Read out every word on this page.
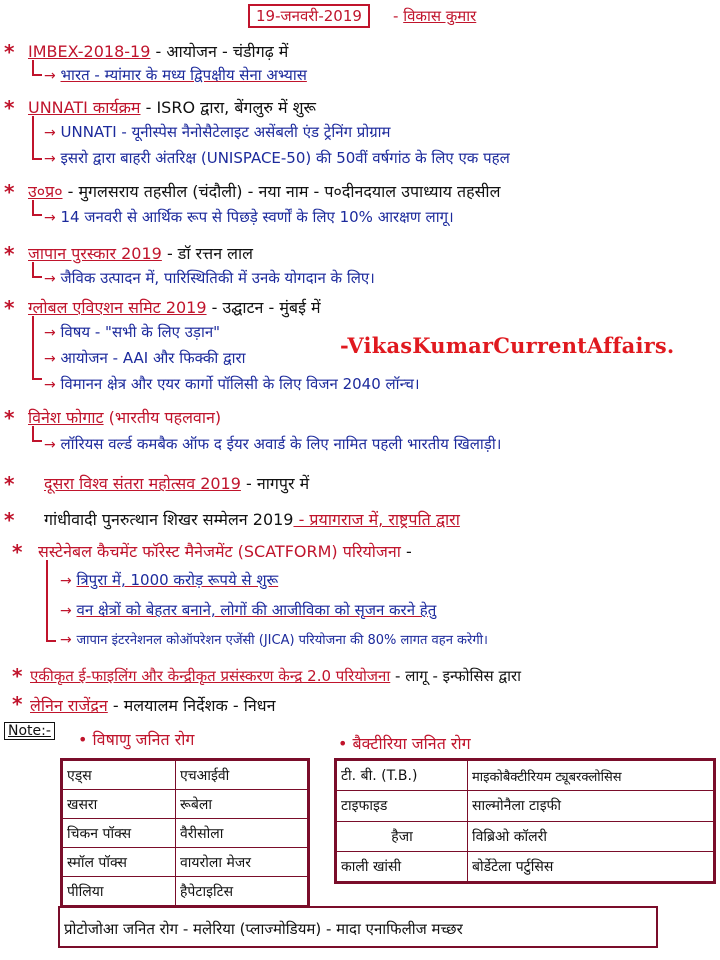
19-जनवरी-2019	- विकास कुमार
* IMBEX-2018-19 - आयोजन - चंडीगढ़ में
→ भारत - म्यांमार के मध्य द्विपक्षीय सेना अभ्यास
* UNNATI कार्यक्रम - ISRO द्वारा, बेंगलुरु में शुरू
→ UNNATI - यूनीस्पेस नैनोसैटेलाइट असेंबली एंड ट्रेनिंग प्रोग्राम
→ इसरो द्वारा बाहरी अंतरिक्ष (UNISPACE-50) की 50वीं वर्षगांठ के लिए एक पहल
* उ०प्र० - मुगलसराय तहसील (चंदौली) - नया नाम - प०दीनदयाल उपाध्याय तहसील
→ 14 जनवरी से आर्थिक रूप से पिछड़े स्वर्णों के लिए 10% आरक्षण लागू।
* जापान पुरस्कार 2019 - डॉ रत्तन लाल
→ जैविक उत्पादन में, पारिस्थितिकी में उनके योगदान के लिए।
* ग्लोबल एविएशन समिट 2019 - उद्घाटन - मुंबई में
→ विषय - "सभी के लिए उड़ान"
→ आयोजन - AAI और फिक्की द्वारा
→ विमानन क्षेत्र और एयर कार्गो पॉलिसी के लिए विजन 2040 लॉन्च।
-VikasKumarCurrentAffairs.
* विनेश फोगाट (भारतीय पहलवान)
→ लॉरियस वर्ल्ड कमबैक ऑफ द ईयर अवार्ड के लिए नामित पहली भारतीय खिलाड़ी।
* दूसरा विश्व संतरा महोत्सव 2019 - नागपुर में
* गांधीवादी पुनरुत्थान शिखर सम्मेलन 2019 - प्रयागराज में, राष्ट्रपति द्वारा
* सस्टेनेबल कैचमेंट फॉरेस्ट मैनेजमेंट (SCATFORM) परियोजना -
→ त्रिपुरा में, 1000 करोड़ रूपये से शुरू
→ वन क्षेत्रों को बेहतर बनाने, लोगों की आजीविका को सृजन करने हेतु
→ जापान इंटरनेशनल कोऑपरेशन एजेंसी (JICA) परियोजना की 80% लागत वहन करेगी।
* एकीकृत ई-फाइलिंग और केन्द्रीकृत प्रसंस्करण केन्द्र 2.0 परियोजना - लागू - इन्फोसिस द्वारा
* लेनिन राजेंद्रन - मलयालम निर्देशक - निधन
Note:- • विषाणु जनित रोग	• बैक्टीरिया जनित रोग
एड्स	एचआईवी
खसरा	रूबेला
चिकन पॉक्स	वैरीसोला
स्मॉल पॉक्स	वायरोला मेजर
पीलिया	हैपेटाइटिस
टी. बी. (T.B.)	माइकोबैक्टीरियम ट्यूबरक्लोसिस
टाइफाइड	साल्मोनैला टाइफी
हैजा	विब्रिओ कॉलरी
काली खांसी	बोर्डेटेला पर्टुसिस
प्रोटोजोआ जनित रोग - मलेरिया (प्लाज्मोडियम) - मादा एनाफिलीज मच्छर
